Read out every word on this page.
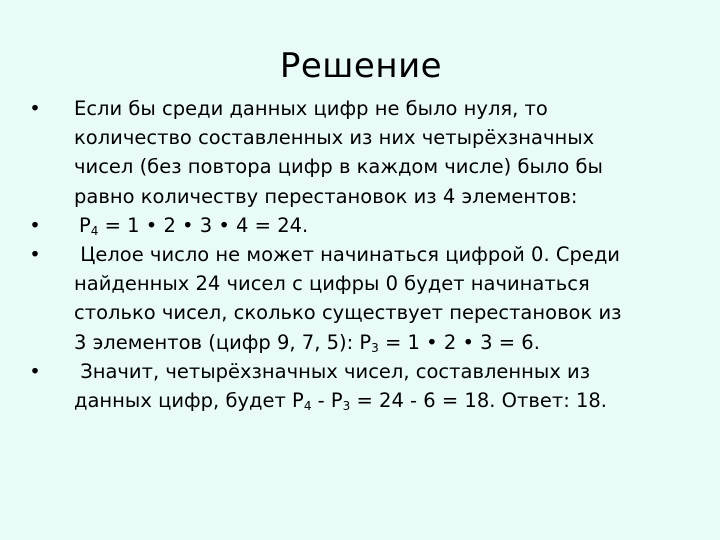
Решение
• Если бы среди данных цифр не было нуля, то
количество составленных из них четырёхзначных
чисел (без повтора цифр в каждом числе) было бы
равно количеству перестановок из 4 элементов:
• $P_4 = 1$ • 2 • 3 • 4 = 24.
• Целое число не может начинаться цифрой 0. Среди
найденных 24 чисел с цифры 0 будет начинаться
столько чисел, сколько существует перестановок из
3 элементов (цифр 9, 7, 5): $P_3 = 1$ • 2 • 3 = 6.
• Значит, четырёхзначных чисел, составленных из
данных цифр, будет $P_4 - P_3 = 24 - 6 = 18$. Ответ: 18.
